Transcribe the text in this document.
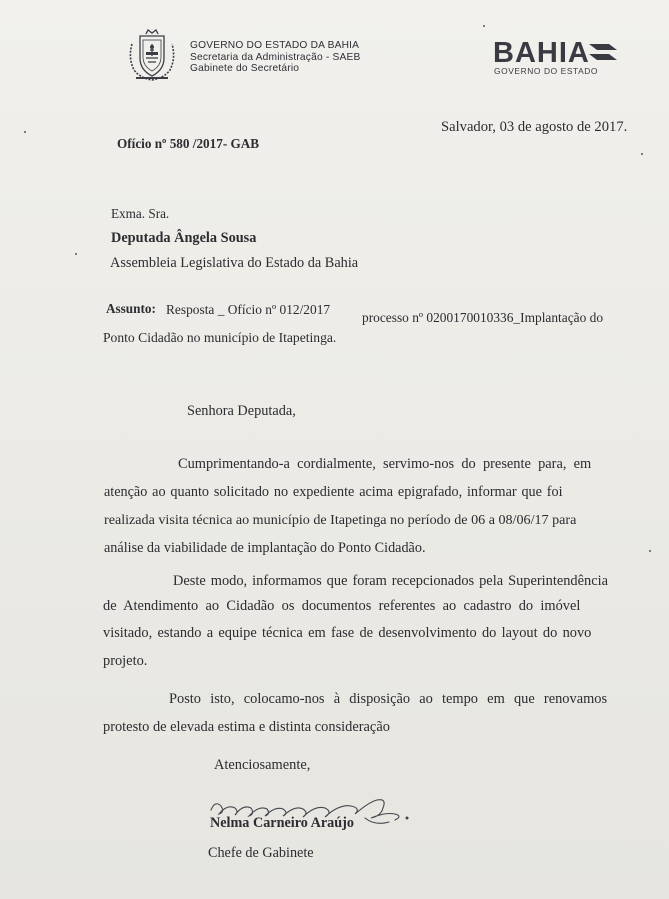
GOVERNO DO ESTADO DA BAHIA
Secretaria da Administração - SAEB
Gabinete do Secretário	BAHIA
GOVERNO DO ESTADO
Salvador, 03 de agosto de 2017.
Ofício nº 580 /2017- GAB
Exma. Sra.
Deputada Ângela Sousa
Assembleia Legislativa do Estado da Bahia
Assunto: Resposta _ Ofício nº 012/2017
processo nº 0200170010336_Implantação do
Ponto Cidadão no município de Itapetinga.
Senhora Deputada,
Cumprimentando-a cordialmente, servimo-nos do presente para, em
atenção ao quanto solicitado no expediente acima epigrafado, informar que foi
realizada visita técnica ao município de Itapetinga no período de 06 a 08/06/17 para
análise da viabilidade de implantação do Ponto Cidadão.
Deste modo, informamos que foram recepcionados pela Superintendência
de Atendimento ao Cidadão os documentos referentes ao cadastro do imóvel
visitado, estando a equipe técnica em fase de desenvolvimento do layout do novo
projeto.
Posto isto, colocamo-nos à disposição ao tempo em que renovamos
protesto de elevada estima e distinta consideração
Atenciosamente,
Nelma Carneiro Araújo
Chefe de Gabinete
